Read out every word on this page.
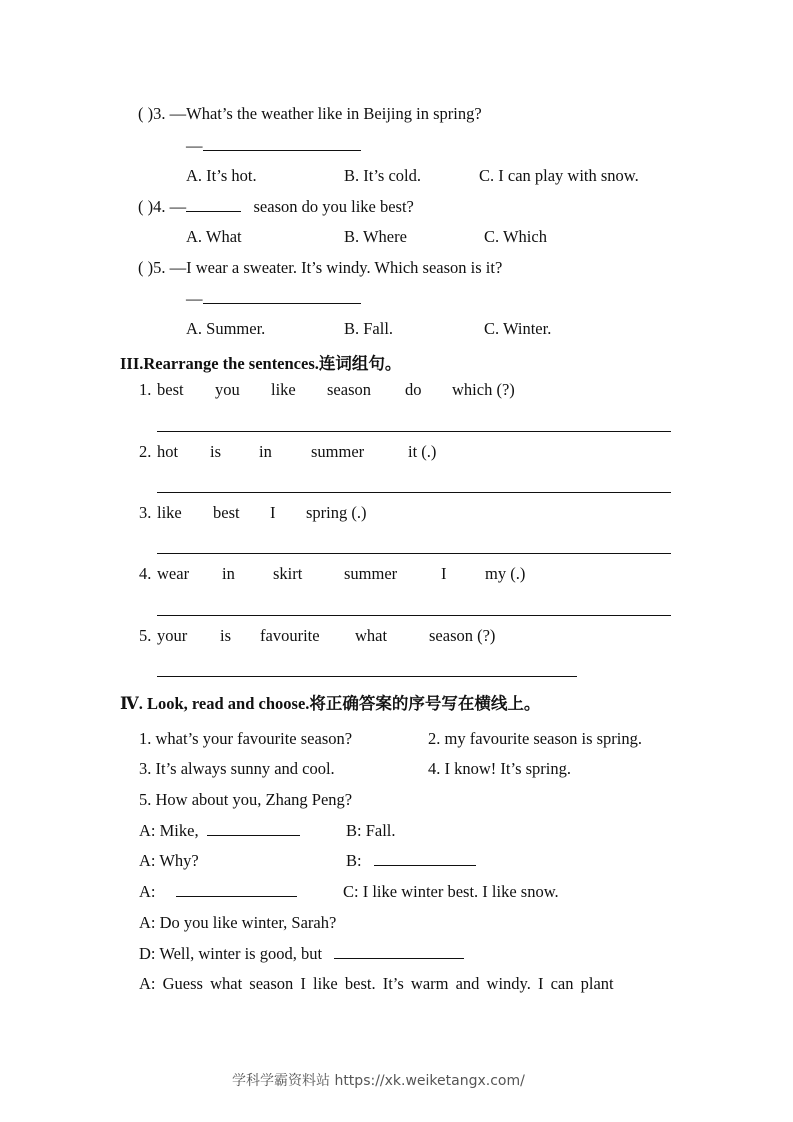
( )3. —What’s the weather like in Beijing in spring?
—
A. It’s hot.	B. It’s cold.	C. I can play with snow.
( )4. —	season do you like best?
A. What	B. Where	C. Which
( )5. —I wear a sweater. It’s windy. Which season is it?
—
A. Summer.	B. Fall.	C. Winter.
III.Rearrange the sentences.连词组句。
1. best you like season do which (?)
2. hot is in summer	it (.)
3. like best I spring (.)
4. wear in skirt	summer	I my (.)
5. your is favourite what	season (?)
Ⅳ. Look, read and choose.将正确答案的序号写在横线上。
1. what’s your favourite season?	2. my favourite season is spring.
3. It’s always sunny and cool.	4. I know! It’s spring.
5. How about you, Zhang Peng?
A: Mike,	B: Fall.
A: Why?	B:
A:	C: I like winter best. I like snow.
A: Do you like winter, Sarah?
D: Well, winter is good, but
A: Guess what season I like best. It’s warm and windy. I can plant
学科学霸资料站 https://xk.weiketangx.com/
